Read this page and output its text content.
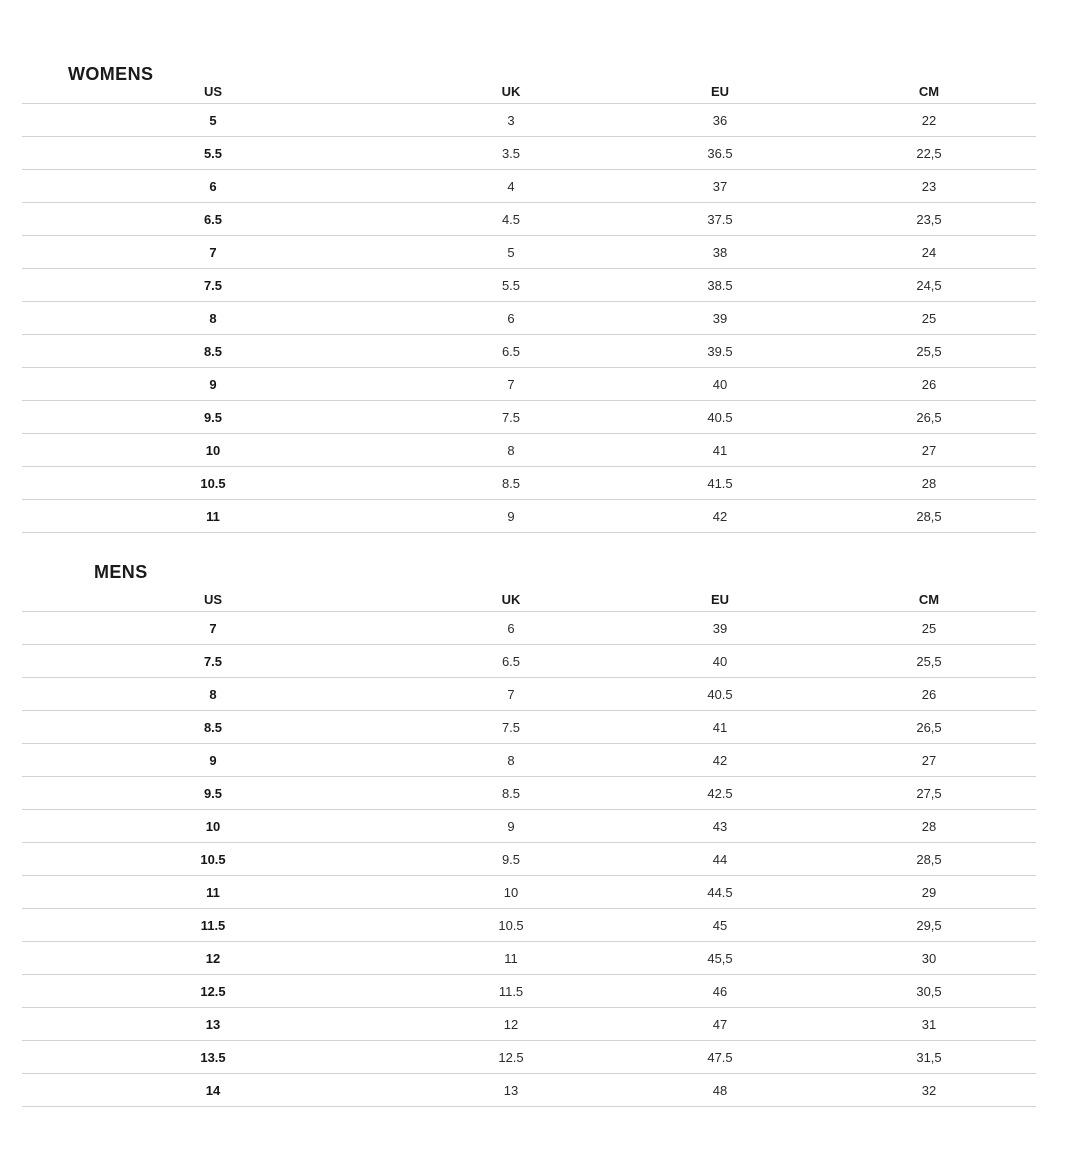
WOMENS
US	UK	EU	CM
5	3	36	22
5.5	3.5	36.5	22,5
6	4	37	23
6.5	4.5	37.5	23,5
7	5	38	24
7.5	5.5	38.5	24,5
8	6	39	25
8.5	6.5	39.5	25,5
9	7	40	26
9.5	7.5	40.5	26,5
10	8	41	27
10.5	8.5	41.5	28
11	9	42	28,5
MENS
US	UK	EU	CM
7	6	39	25
7.5	6.5	40	25,5
8	7	40.5	26
8.5	7.5	41	26,5
9	8	42	27
9.5	8.5	42.5	27,5
10	9	43	28
10.5	9.5	44	28,5
11	10	44.5	29
11.5	10.5	45	29,5
12	11	45,5	30
12.5	11.5	46	30,5
13	12	47	31
13.5	12.5	47.5	31,5
14	13	48	32
